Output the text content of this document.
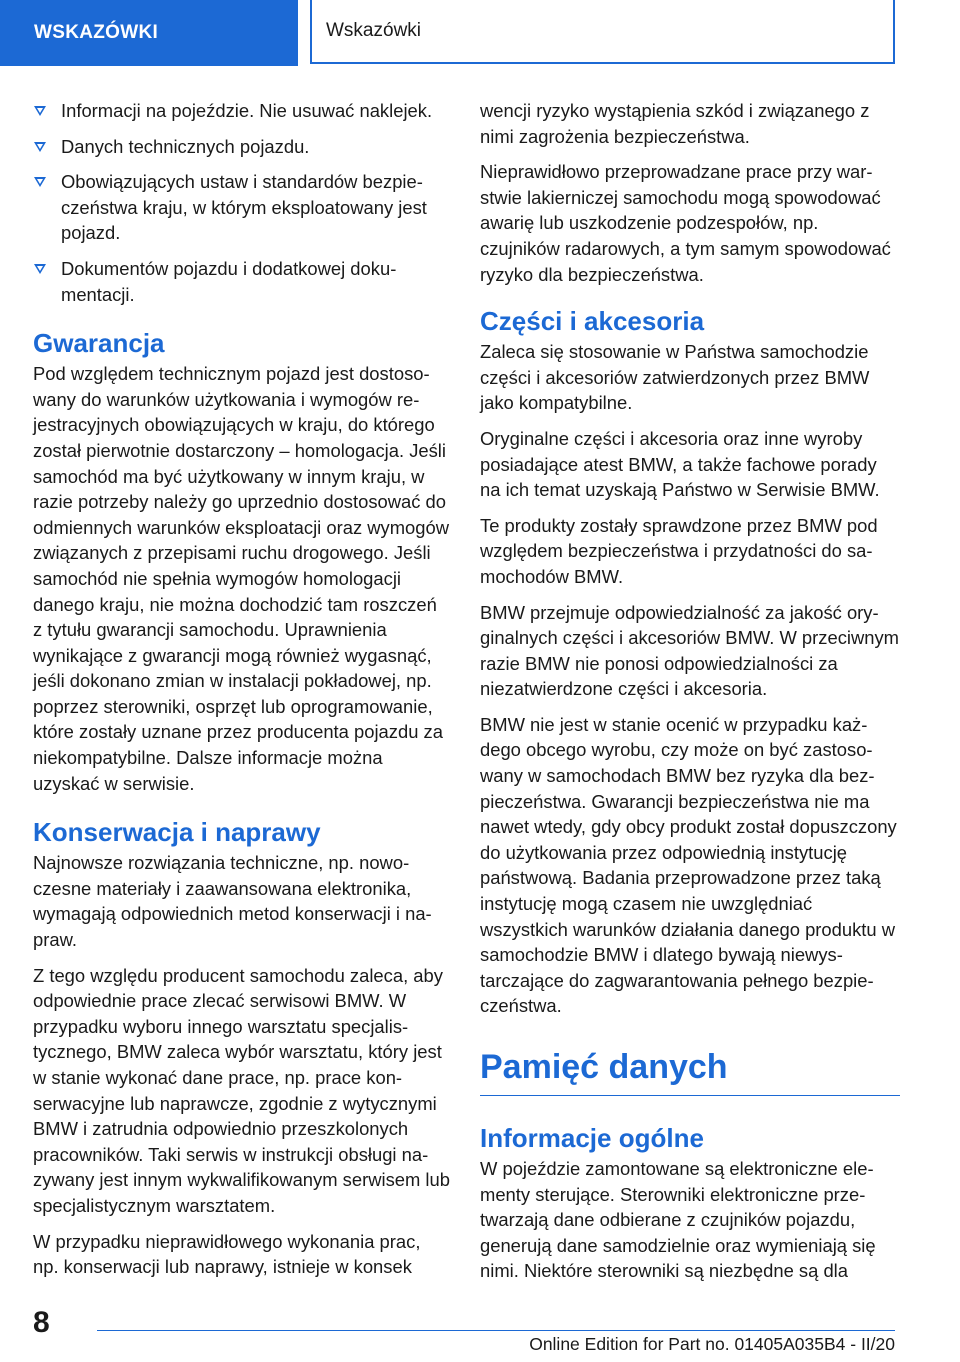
WSKAZÓWKI	Wskazówki
Informacji na pojeździe. Nie usuwać naklejek.
Danych technicznych pojazdu.
Obowiązujących ustaw i standardów bezpieczeństwa kraju, w którym eksploatowany jest pojazd.
Dokumentów pojazdu i dodatkowej dokumentacji.
Gwarancja

Pod względem technicznym pojazd jest dostosowany do warunków użytkowania i wymogów rejestracyjnych obowiązujących w kraju, do którego został pierwotnie dostarczony – homologacja. Jeśli samochód ma być użytkowany w innym kraju, w razie potrzeby należy go uprzednio dostosować do odmiennych warunków eksploatacji oraz wymogów związanych z przepisami ruchu drogowego. Jeśli samochód nie spełnia wymogów homologacji danego kraju, nie można dochodzić tam roszczeń z tytułu gwarancji samochodu. Uprawnienia wynikające z gwarancji mogą również wygasnąć, jeśli dokonano zmian w instalacji pokładowej, np. poprzez sterowniki, osprzęt lub oprogramowanie, które zostały uznane przez producenta pojazdu za niekompatybilne. Dalsze informacje można uzyskać w serwisie.

Konserwacja i naprawy

Najnowsze rozwiązania techniczne, np. nowoczesne materiały i zaawansowana elektronika, wymagają odpowiednich metod konserwacji i napraw.

Z tego względu producent samochodu zaleca, aby odpowiednie prace zlecać serwisowi BMW. W przypadku wyboru innego warsztatu specjalistycznego, BMW zaleca wybór warsztatu, który jest w stanie wykonać dane prace, np. prace konserwacyjne lub naprawcze, zgodnie z wytycznymi BMW i zatrudnia odpowiednio przeszkolonych pracowników. Taki serwis w instrukcji obsługi nazywany jest innym wykwalifikowanym serwisem lub specjalistycznym warsztatem.

W przypadku nieprawidłowego wykonania prac, np. konserwacji lub naprawy, istnieje w konsek

wencji ryzyko wystąpienia szkód i związanego z nimi zagrożenia bezpieczeństwa.

Nieprawidłowo przeprowadzane prace przy warstwie lakierniczej samochodu mogą spowodować awarię lub uszkodzenie podzespołów, np. czujników radarowych, a tym samym spowodować ryzyko dla bezpieczeństwa.

Części i akcesoria

Zaleca się stosowanie w Państwa samochodzie części i akcesoriów zatwierdzonych przez BMW jako kompatybilne.

Oryginalne części i akcesoria oraz inne wyroby posiadające atest BMW, a także fachowe porady na ich temat uzyskają Państwo w Serwisie BMW.

Te produkty zostały sprawdzone przez BMW pod względem bezpieczeństwa i przydatności do samochodów BMW.

BMW przejmuje odpowiedzialność za jakość oryginalnych części i akcesoriów BMW. W przeciwnym razie BMW nie ponosi odpowiedzialności za niezatwierdzone części i akcesoria.

BMW nie jest w stanie ocenić w przypadku każdego obcego wyrobu, czy może on być zastosowany w samochodach BMW bez ryzyka dla bezpieczeństwa. Gwarancji bezpieczeństwa nie ma nawet wtedy, gdy obcy produkt został dopuszczony do użytkowania przez odpowiednią instytucję państwową. Badania przeprowadzone przez taką instytucję mogą czasem nie uwzględniać wszystkich warunków działania danego produktu w samochodzie BMW i dlatego bywają niewystarczające do zagwarantowania pełnego bezpieczeństwa.

Pamięć danych
Informacje ogólne

W pojeździe zamontowane są elektroniczne elementy sterujące. Sterowniki elektroniczne przetwarzają dane odbierane z czujników pojazdu, generują dane samodzielnie oraz wymieniają się nimi. Niektóre sterowniki są niezbędne są dla

8
Online Edition for Part no. 01405A035B4 - II/20
